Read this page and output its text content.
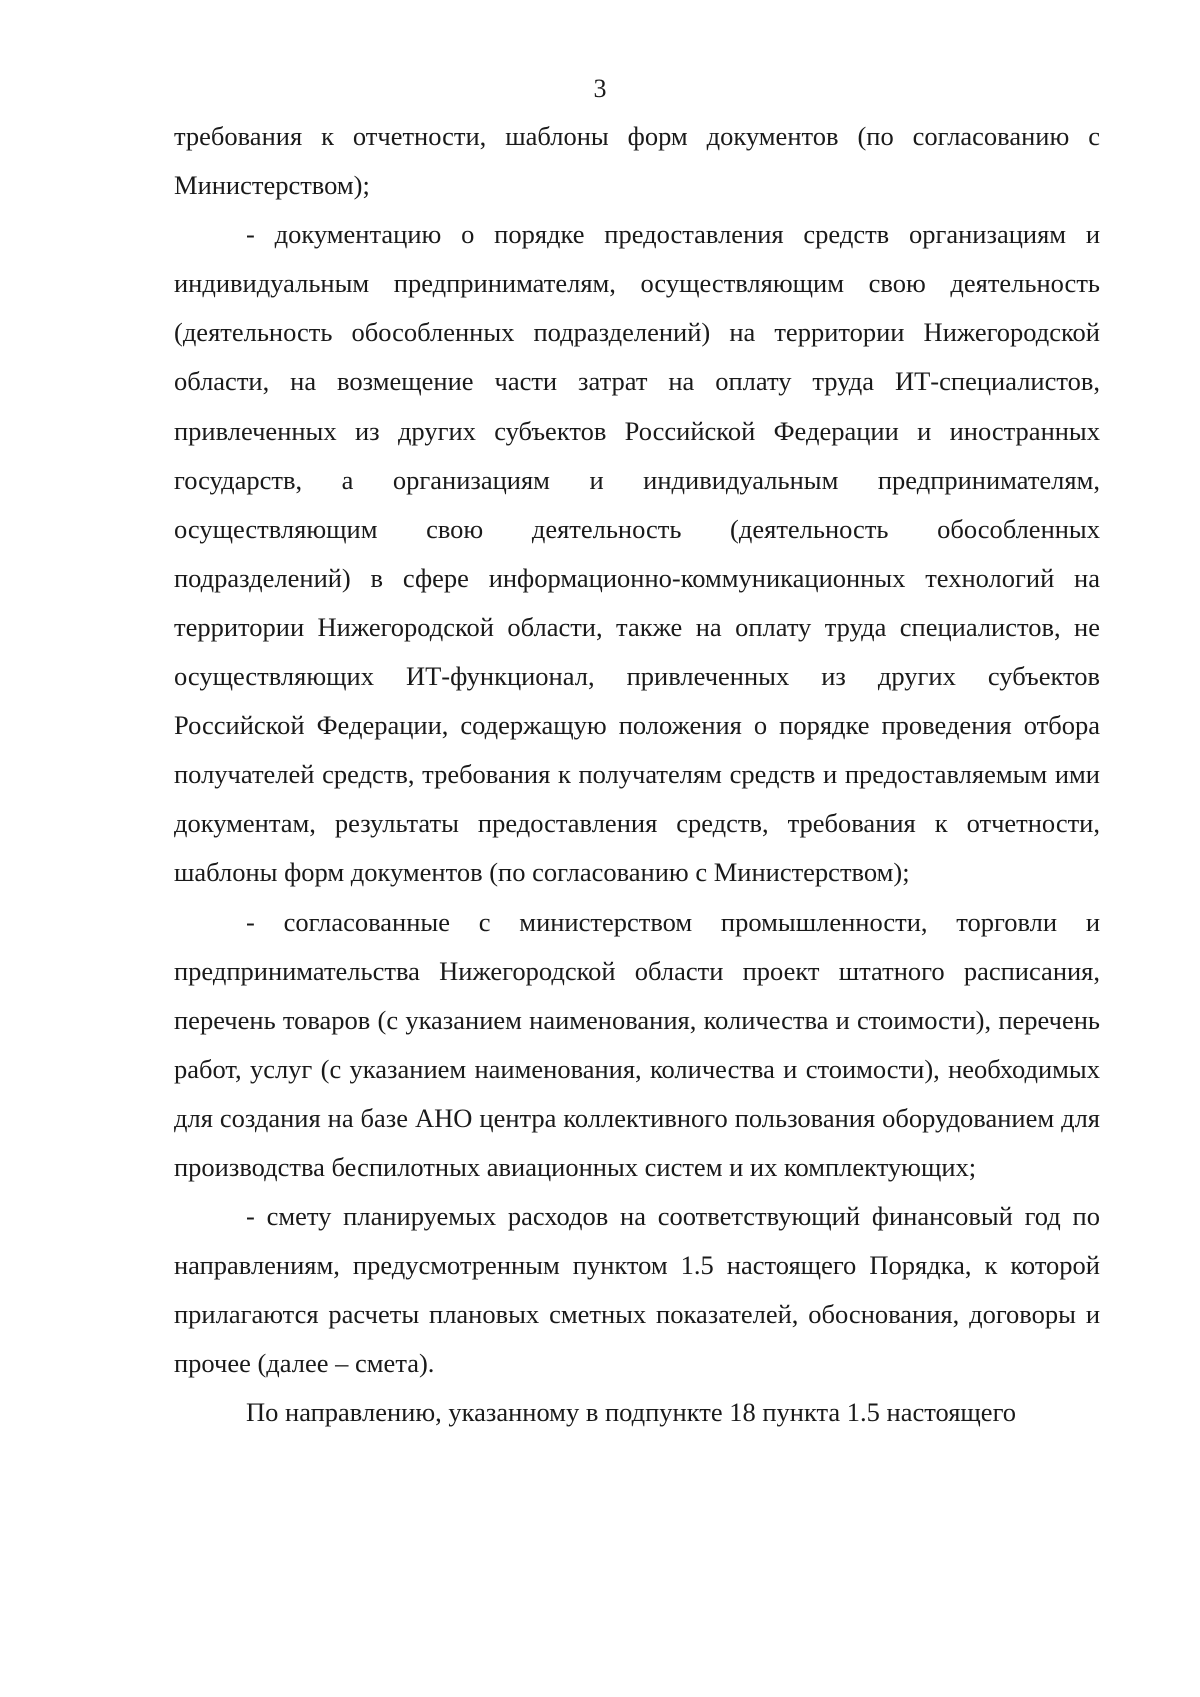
3

требования к отчетности, шаблоны форм документов (по согласованию с Министерством);

- документацию о порядке предоставления средств организациям и индивидуальным предпринимателям, осуществляющим свою деятельность (деятельность обособленных подразделений) на территории Нижегородской области, на возмещение части затрат на оплату труда ИТ-специалистов, привлеченных из других субъектов Российской Федерации и иностранных государств, а организациям и индивидуальным предпринимателям, осуществляющим свою деятельность (деятельность обособленных подразделений) в сфере информационно-коммуникационных технологий на территории Нижегородской области, также на оплату труда специалистов, не осуществляющих ИТ-функционал, привлеченных из других субъектов Российской Федерации, содержащую положения о порядке проведения отбора получателей средств, требования к получателям средств и предоставляемым ими документам, результаты предоставления средств, требования к отчетности, шаблоны форм документов (по согласованию с Министерством);

- согласованные с министерством промышленности, торговли и предпринимательства Нижегородской области проект штатного расписания, перечень товаров (с указанием наименования, количества и стоимости), перечень работ, услуг (с указанием наименования, количества и стоимости), необходимых для создания на базе АНО центра коллективного пользования оборудованием для производства беспилотных авиационных систем и их комплектующих;

- смету планируемых расходов на соответствующий финансовый год по направлениям, предусмотренным пунктом 1.5 настоящего Порядка, к которой прилагаются расчеты плановых сметных показателей, обоснования, договоры и прочее (далее – смета).

По направлению, указанному в подпункте 18 пункта 1.5 настоящего
